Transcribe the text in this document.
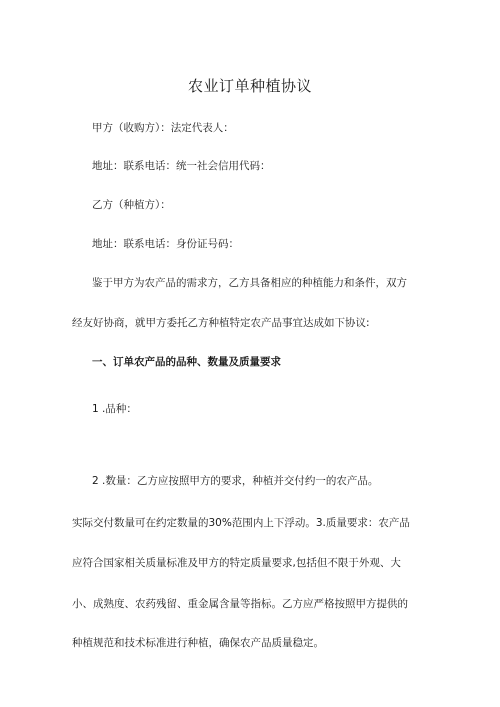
农业订单种植协议
甲方（收购方）：法定代表人：
地址：联系电话：统一社会信用代码：
乙方（种植方）：
地址：联系电话：身份证号码：
鉴于甲方为农产品的需求方，乙方具备相应的种植能力和条件，双方
经友好协商，就甲方委托乙方种植特定农产品事宜达成如下协议:
一、订单农产品的品种、数量及质量要求
1 .品种：
2 .数量：乙方应按照甲方的要求，种植并交付约一的农产品。
实际交付数量可在约定数量的30%范围内上下浮动。3.质量要求：农产品
应符合国家相关质量标准及甲方的特定质量要求,包括但不限于外观、大
小、成熟度、农药残留、重金属含量等指标。乙方应严格按照甲方提供的
种植规范和技术标准进行种植，确保农产品质量稳定。
